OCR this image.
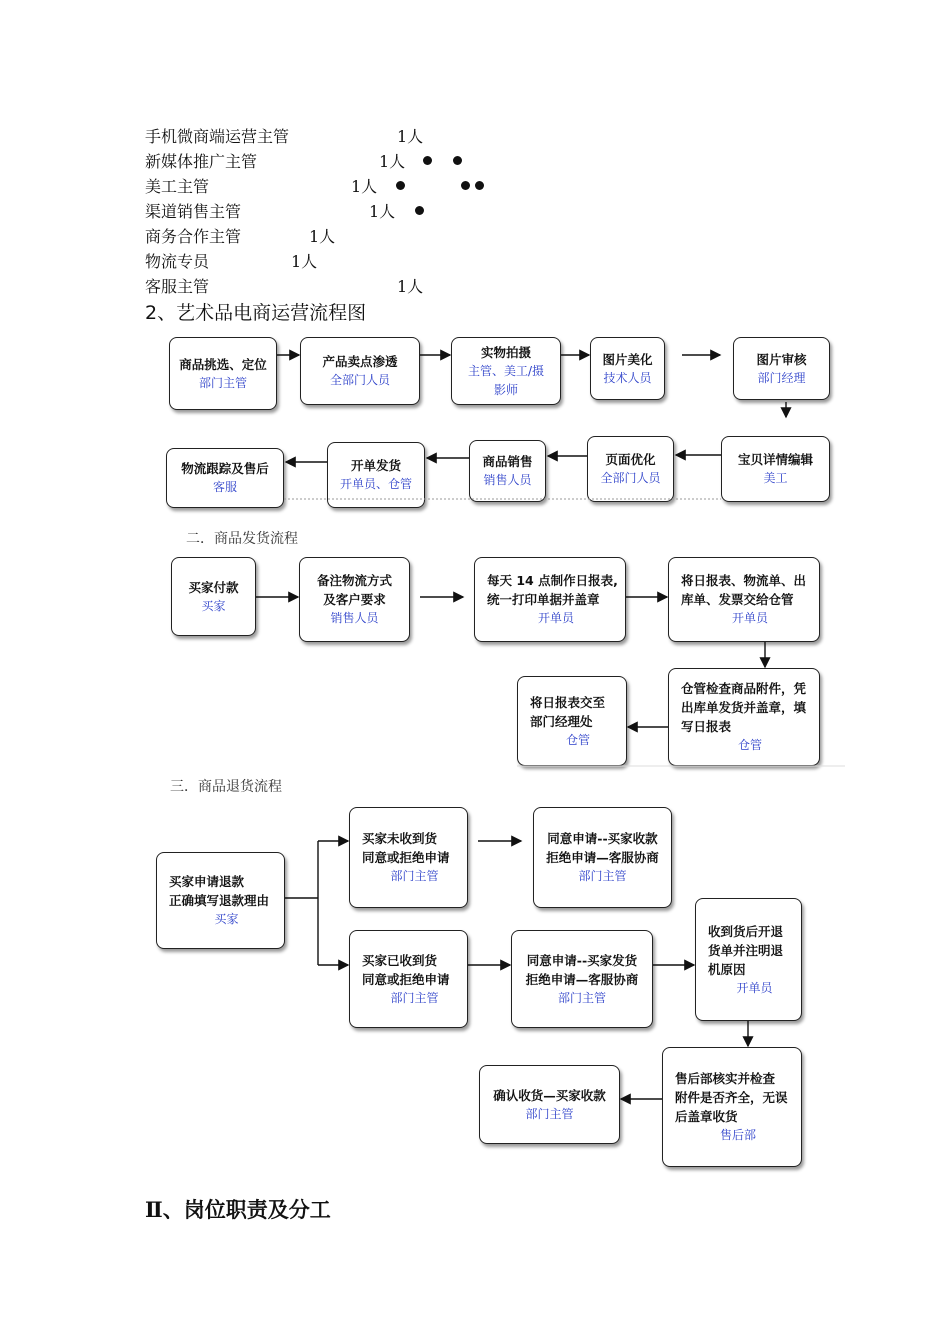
手机微商端运营主管	1人
新媒体推广主管	1人
美工主管	1人
渠道销售主管	1人
商务合作主管	1人
物流专员	1人
客服主管	1人
2、艺术品电商运营流程图
商品挑选、定位
部门主管
产品卖点渗透
全部门人员
实物拍摄
主管、美工/摄
影师
图片美化
技术人员
图片审核
部门经理
宝贝详情编辑
美工
页面优化
全部门人员
商品销售
销售人员
开单发货
开单员、仓管
物流跟踪及售后
客服
二．商品发货流程
买家付款
买家
备注物流方式
及客户要求
销售人员
每天 14 点制作日报表,
统一打印单据并盖章
开单员
将日报表、物流单、出
库单、发票交给仓管
开单员
仓管检查商品附件，凭
出库单发货并盖章，填
写日报表
仓管
将日报表交至
部门经理处
仓管
三．商品退货流程
买家申请退款
正确填写退款理由
买家
买家未收到货
同意或拒绝申请
部门主管
同意申请--买家收款
拒绝申请—客服协商
部门主管
买家已收到货
同意或拒绝申请
部门主管
同意申请--买家发货
拒绝申请—客服协商
部门主管
收到货后开退
货单并注明退
机原因
开单员
售后部核实并检查
附件是否齐全，无误
后盖章收货
售后部
确认收货—买家收款
部门主管
Ⅱ、岗位职责及分工
